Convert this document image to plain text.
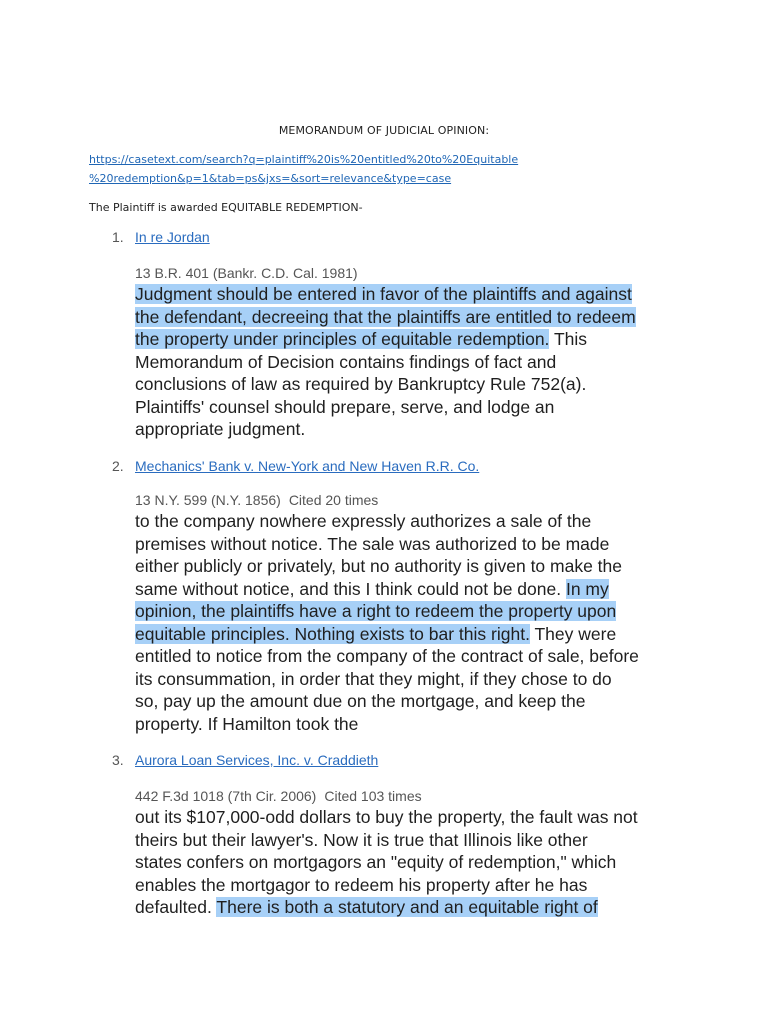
MEMORANDUM OF JUDICIAL OPINION:
https://casetext.com/search?q=plaintiff%20is%20entitled%20to%20Equitable
%20redemption&p=1&tab=ps&jxs=&sort=relevance&type=case
The Plaintiff is awarded EQUITABLE REDEMPTION-
1. In re Jordan
13 B.R. 401 (Bankr. C.D. Cal. 1981)
Judgment should be entered in favor of the plaintiffs and against
the defendant, decreeing that the plaintiffs are entitled to redeem
the property under principles of equitable redemption. This
Memorandum of Decision contains findings of fact and
conclusions of law as required by Bankruptcy Rule 752(a).
Plaintiffs' counsel should prepare, serve, and lodge an
appropriate judgment.
2. Mechanics' Bank v. New-York and New Haven R.R. Co.
13 N.Y. 599 (N.Y. 1856) Cited 20 times
to the company nowhere expressly authorizes a sale of the
premises without notice. The sale was authorized to be made
either publicly or privately, but no authority is given to make the
same without notice, and this I think could not be done. In my
opinion, the plaintiffs have a right to redeem the property upon
equitable principles. Nothing exists to bar this right. They were
entitled to notice from the company of the contract of sale, before
its consummation, in order that they might, if they chose to do
so, pay up the amount due on the mortgage, and keep the
property. If Hamilton took the
3. Aurora Loan Services, Inc. v. Craddieth
442 F.3d 1018 (7th Cir. 2006) Cited 103 times
out its $107,000-odd dollars to buy the property, the fault was not
theirs but their lawyer's. Now it is true that Illinois like other
states confers on mortgagors an "equity of redemption," which
enables the mortgagor to redeem his property after he has
defaulted. There is both a statutory and an equitable right of
